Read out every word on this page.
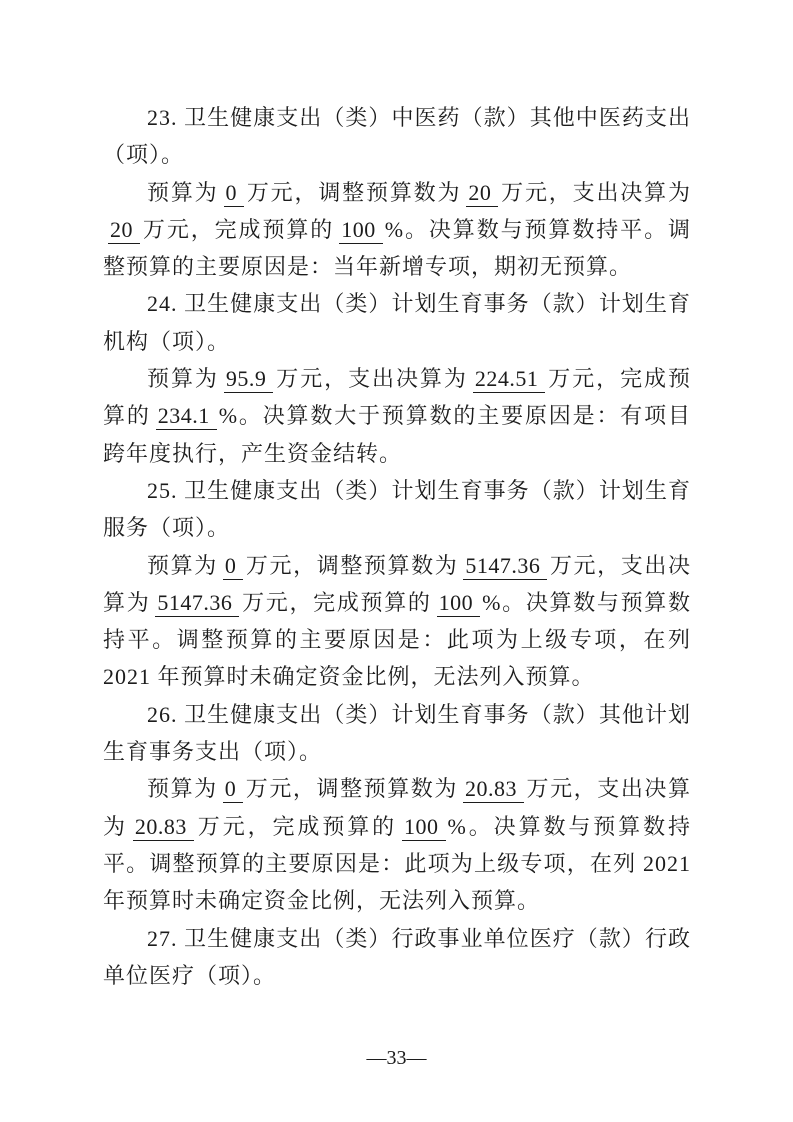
23. 卫生健康支出（类）中医药（款）其他中医药支出（项）。

预算为 0 万元，调整预算数为 20 万元，支出决算为20 万元，完成预算的 100 %。决算数与预算数持平。调整预算的主要原因是：当年新增专项，期初无预算。

24. 卫生健康支出（类）计划生育事务（款）计划生育机构（项）。

预算为 95.9 万元，支出决算为 224.51 万元，完成预算的 234.1 %。决算数大于预算数的主要原因是：有项目跨年度执行，产生资金结转。

25. 卫生健康支出（类）计划生育事务（款）计划生育服务（项）。

预算为 0 万元，调整预算数为 5147.36 万元，支出决算为 5147.36 万元，完成预算的 100 %。决算数与预算数持平。调整预算的主要原因是：此项为上级专项，在列 2021 年预算时未确定资金比例，无法列入预算。

26. 卫生健康支出（类）计划生育事务（款）其他计划生育事务支出（项）。

预算为 0 万元，调整预算数为 20.83 万元，支出决算为 20.83 万元，完成预算的 100 %。决算数与预算数持平。调整预算的主要原因是：此项为上级专项，在列 2021 年预算时未确定资金比例，无法列入预算。

27. 卫生健康支出（类）行政事业单位医疗（款）行政单位医疗（项）。

—33—
